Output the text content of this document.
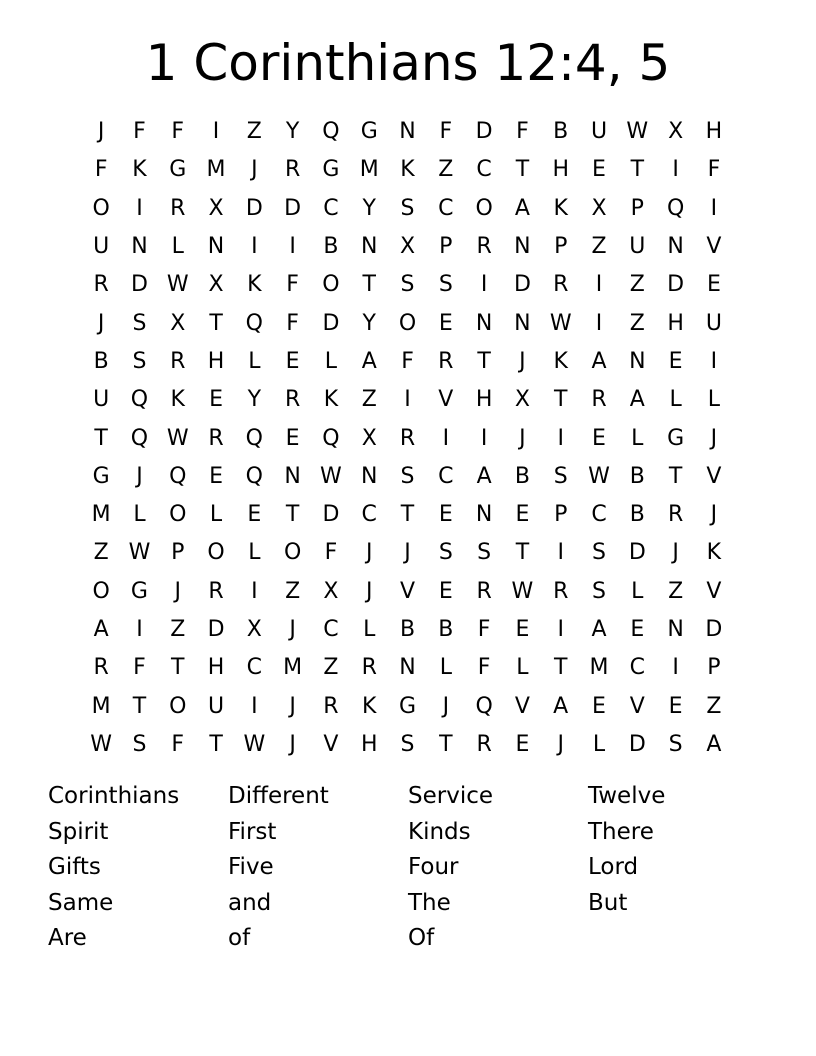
1 Corinthians 12:4, 5
J	F	F	I	Z	Y	Q G N	F	D	F	B	U W X	H
F	K	G M	J	R	G M K	Z	C	T	H	E	T	I	F
O	I	R	X	D D	C	Y	S	C O	A	K	X	P	Q	I
U	N	L	N	I	I	B	N	X	P	R	N	P	Z	U	N	V
R	D W X	K	F	O	T	S	S	I	D	R	I	Z	D	E
J	S	X	T	Q	F	D	Y	O	E	N N W	I	Z	H U
B	S	R	H	L	E	L	A	F	R	T	J	K	A	N	E	I
U Q	K	E	Y	R	K	Z	I	V	H	X	T	R	A	L	L
T	Q W R Q	E	Q	X	R	I	I	J	I	E	L	G	J
G	J	Q	E	Q N W N	S	C	A	B	S W B	T	V
M	L	O	L	E	T	D	C	T	E	N	E	P	C	B	R	J
Z W P	O	L	O	F	J	J	S	S	T	I	S	D	J	K
O G	J	R	I	Z	X	J	V	E	R W R	S	L	Z	V
A	I	Z	D	X	J	C	L	B	B	F	E	I	A	E	N D
R	F	T	H	C M Z	R	N	L	F	L	T	M C	I	P
M	T	O U	I	J	R	K	G	J	Q	V	A	E	V	E	Z
W S	F	T W	J	V	H	S	T	R	E	J	L	D	S	A
Corinthians
Spirit
Gifts
Same
Are
Different
First
Five
and
of
Service
Kinds
Four
The
Of
Twelve
There
Lord
But
